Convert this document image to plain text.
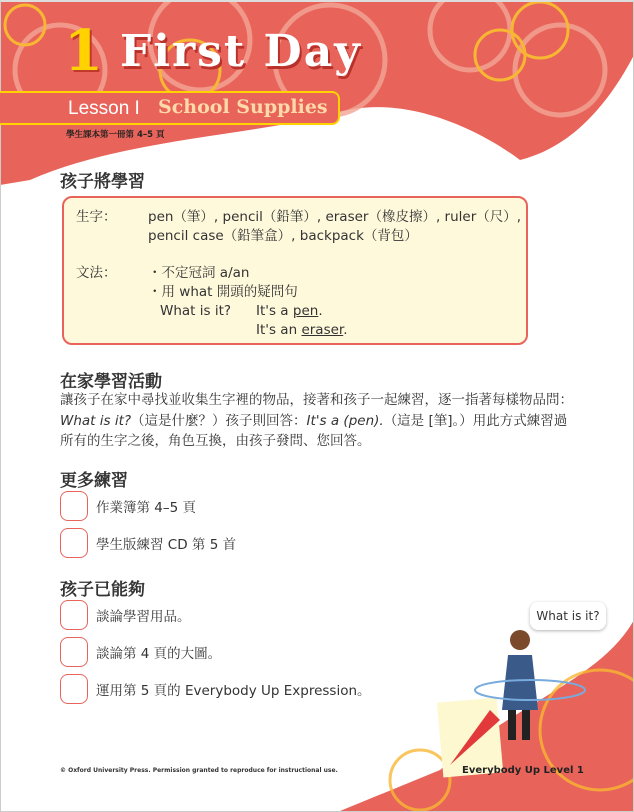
1 First Day
Lesson I School Supplies
學生課本第一冊第 4–5 頁
孩子將學習
生字： pen（筆）, pencil（鉛筆）, eraser（橡皮擦）, ruler（尺）,
pencil case（鉛筆盒）, backpack（背包）
文法： ・不定冠詞 a/an
・用 what 開頭的疑問句
What is it? It's a pen.
It's an eraser.
在家學習活動
讓孩子在家中尋找並收集生字裡的物品，接著和孩子一起練習，逐一指著每樣物品問：What is it?（這是什麼？）孩子則回答：It's a (pen).（這是 [筆]。）用此方式練習過所有的生字之後，角色互換，由孩子發問、您回答。
更多練習
作業簿第 4–5 頁
學生版練習 CD 第 5 首
孩子已能夠
談論學習用品。
談論第 4 頁的大圖。
運用第 5 頁的 Everybody Up Expression。
What is it?
© Oxford University Press. Permission granted to reproduce for instructional use.	Everybody Up Level 1
